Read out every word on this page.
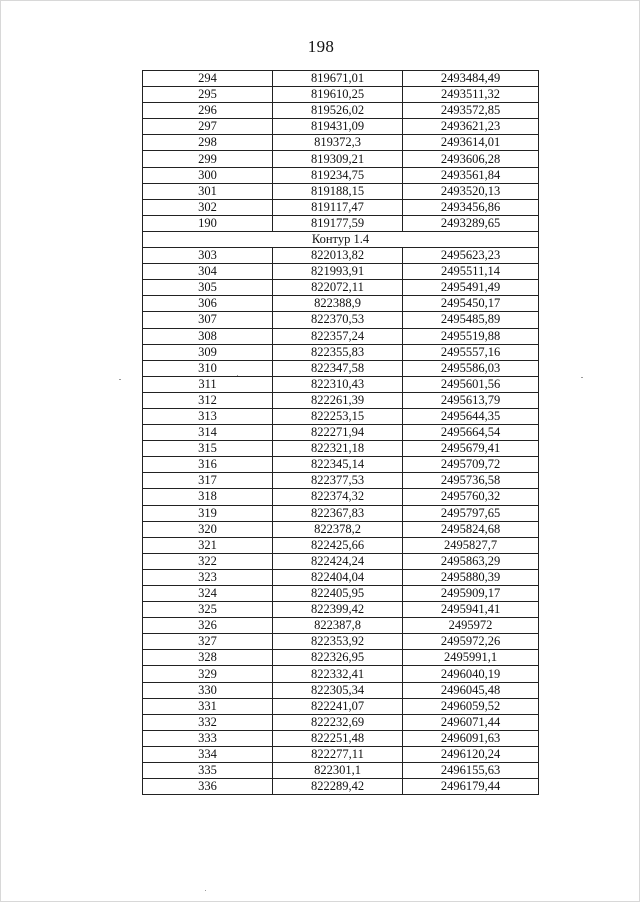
198
294	819671,01	2493484,49
295	819610,25	2493511,32
296	819526,02	2493572,85
297	819431,09	2493621,23
298	819372,3	2493614,01
299	819309,21	2493606,28
300	819234,75	2493561,84
301	819188,15	2493520,13
302	819117,47	2493456,86
190	819177,59	2493289,65
Контур 1.4		
303	822013,82	2495623,23
304	821993,91	2495511,14
305	822072,11	2495491,49
306	822388,9	2495450,17
307	822370,53	2495485,89
308	822357,24	2495519,88
309	822355,83	2495557,16
310	822347,58	2495586,03
311	822310,43	2495601,56
312	822261,39	2495613,79
313	822253,15	2495644,35
314	822271,94	2495664,54
315	822321,18	2495679,41
316	822345,14	2495709,72
317	822377,53	2495736,58
318	822374,32	2495760,32
319	822367,83	2495797,65
320	822378,2	2495824,68
321	822425,66	2495827,7
322	822424,24	2495863,29
323	822404,04	2495880,39
324	822405,95	2495909,17
325	822399,42	2495941,41
326	822387,8	2495972
327	822353,92	2495972,26
328	822326,95	2495991,1
329	822332,41	2496040,19
330	822305,34	2496045,48
331	822241,07	2496059,52
332	822232,69	2496071,44
333	822251,48	2496091,63
334	822277,11	2496120,24
335	822301,1	2496155,63
336	822289,42	2496179,44
